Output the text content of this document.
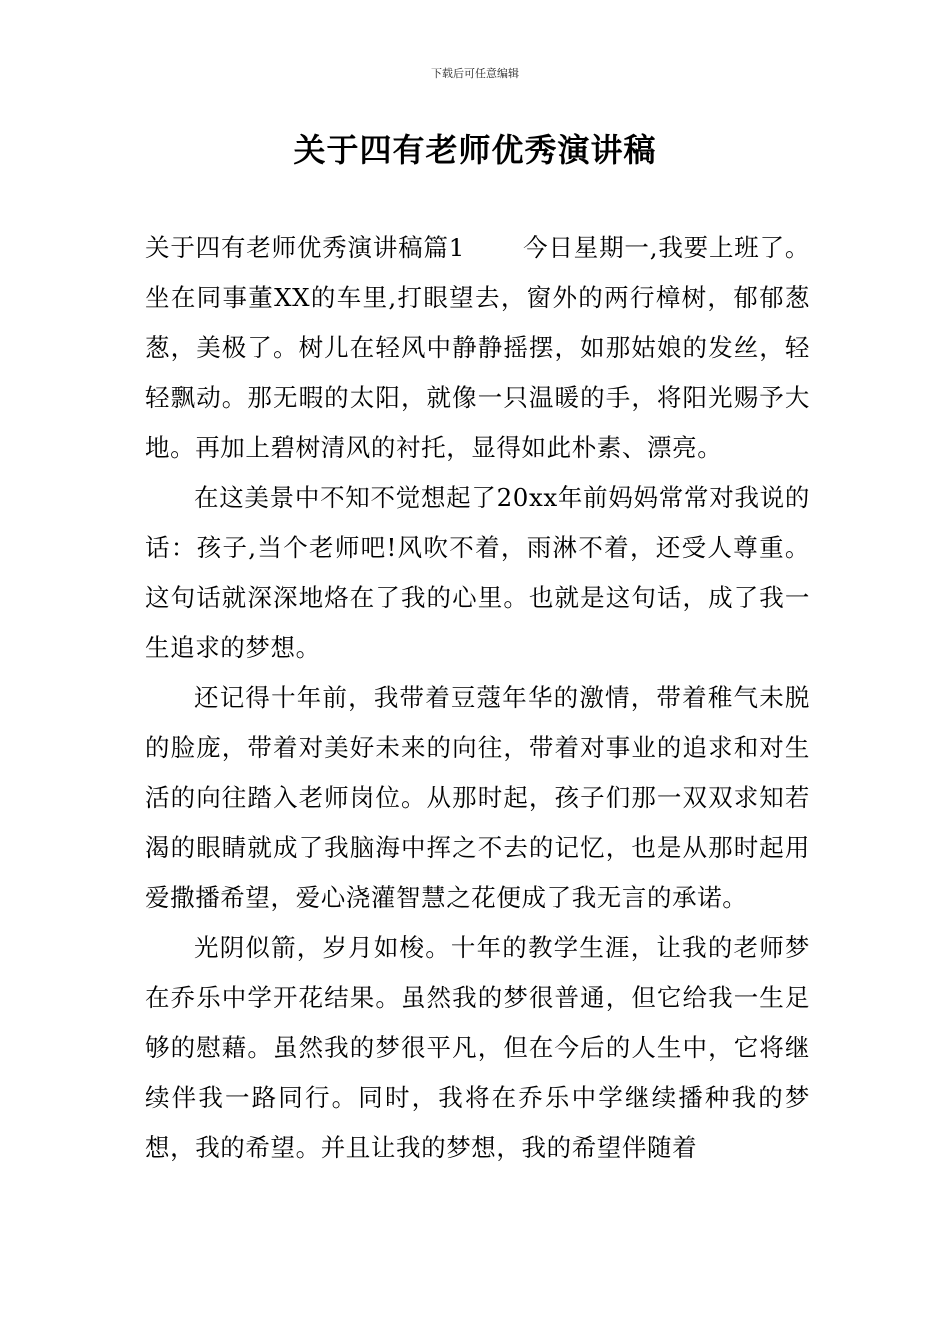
下载后可任意编辑
关于四有老师优秀演讲稿

关于四有老师优秀演讲稿篇1 今日星期一,我要上班了。坐在同事董XX的车里,打眼望去，窗外的两行樟树，郁郁葱葱，美极了。树儿在轻风中静静摇摆，如那姑娘的发丝，轻轻飘动。那无暇的太阳，就像一只温暖的手，将阳光赐予大地。再加上碧树清风的衬托，显得如此朴素、漂亮。

在这美景中不知不觉想起了20xx年前妈妈常常对我说的话：孩子,当个老师吧!风吹不着，雨淋不着，还受人尊重。这句话就深深地烙在了我的心里。也就是这句话，成了我一生追求的梦想。

还记得十年前，我带着豆蔻年华的激情，带着稚气未脱的脸庞，带着对美好未来的向往，带着对事业的追求和对生活的向往踏入老师岗位。从那时起，孩子们那一双双求知若渴的眼睛就成了我脑海中挥之不去的记忆，也是从那时起用爱撒播希望，爱心浇灌智慧之花便成了我无言的承诺。

光阴似箭，岁月如梭。十年的教学生涯，让我的老师梦在乔乐中学开花结果。虽然我的梦很普通，但它给我一生足够的慰藉。虽然我的梦很平凡，但在今后的人生中，它将继续伴我一路同行。同时，我将在乔乐中学继续播种我的梦想，我的希望。并且让我的梦想，我的希望伴随着
